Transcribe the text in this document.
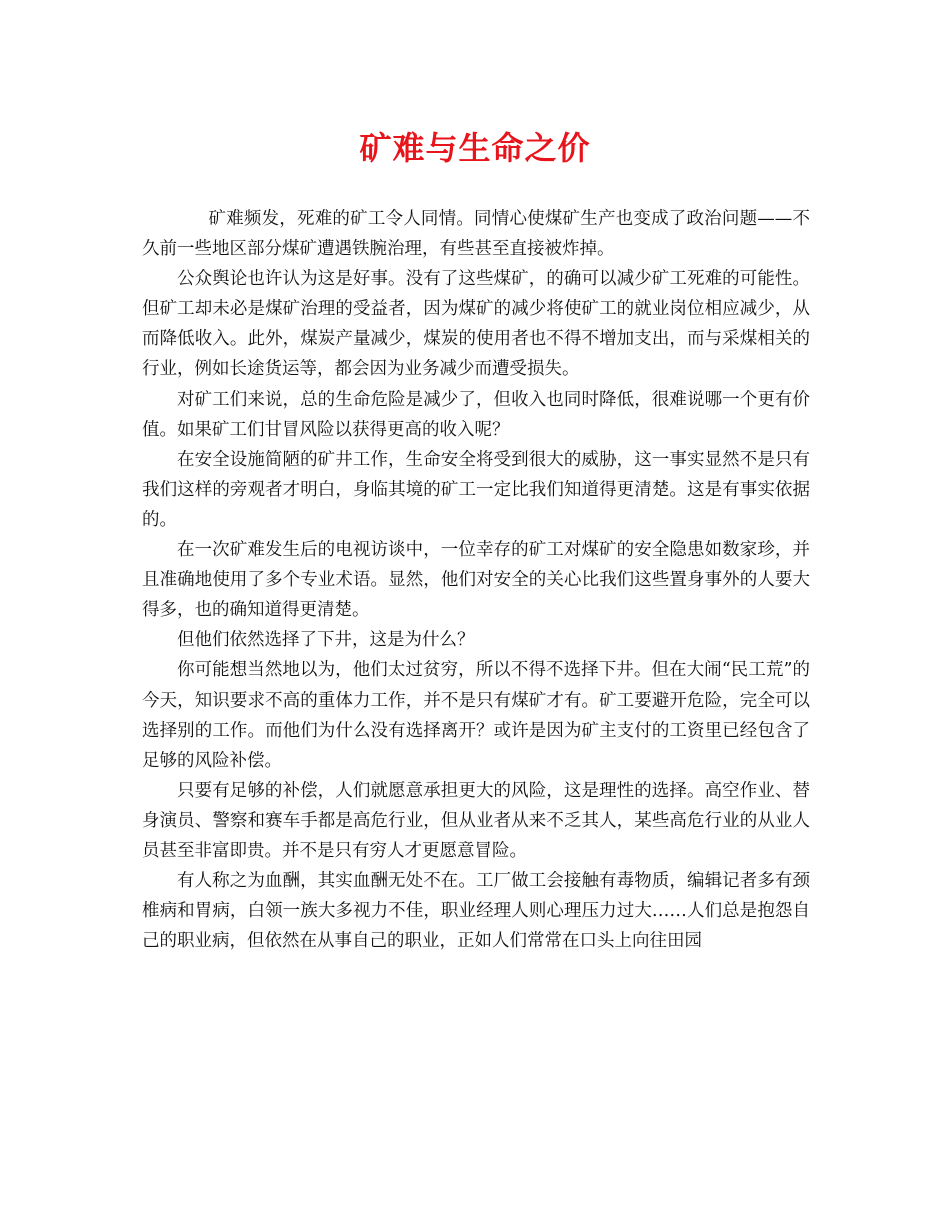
矿难与生命之价

矿难频发，死难的矿工令人同情。同情心使煤矿生产也变成了政治问题——不久前一些地区部分煤矿遭遇铁腕治理，有些甚至直接被炸掉。

公众舆论也许认为这是好事。没有了这些煤矿，的确可以减少矿工死难的可能性。但矿工却未必是煤矿治理的受益者，因为煤矿的减少将使矿工的就业岗位相应减少，从而降低收入。此外，煤炭产量减少，煤炭的使用者也不得不增加支出，而与采煤相关的行业，例如长途货运等，都会因为业务减少而遭受损失。

对矿工们来说，总的生命危险是减少了，但收入也同时降低，很难说哪一个更有价值。如果矿工们甘冒风险以获得更高的收入呢？

在安全设施简陋的矿井工作，生命安全将受到很大的威胁，这一事实显然不是只有我们这样的旁观者才明白，身临其境的矿工一定比我们知道得更清楚。这是有事实依据的。

在一次矿难发生后的电视访谈中，一位幸存的矿工对煤矿的安全隐患如数家珍，并且准确地使用了多个专业术语。显然，他们对安全的关心比我们这些置身事外的人要大得多，也的确知道得更清楚。

但他们依然选择了下井，这是为什么？

你可能想当然地以为，他们太过贫穷，所以不得不选择下井。但在大闹“民工荒”的今天，知识要求不高的重体力工作，并不是只有煤矿才有。矿工要避开危险，完全可以选择别的工作。而他们为什么没有选择离开？或许是因为矿主支付的工资里已经包含了足够的风险补偿。

只要有足够的补偿，人们就愿意承担更大的风险，这是理性的选择。高空作业、替身演员、警察和赛车手都是高危行业，但从业者从来不乏其人，某些高危行业的从业人员甚至非富即贵。并不是只有穷人才更愿意冒险。

有人称之为血酬，其实血酬无处不在。工厂做工会接触有毒物质，编辑记者多有颈椎病和胃病，白领一族大多视力不佳，职业经理人则心理压力过大……人们总是抱怨自己的职业病，但依然在从事自己的职业，正如人们常常在口头上向往田园
